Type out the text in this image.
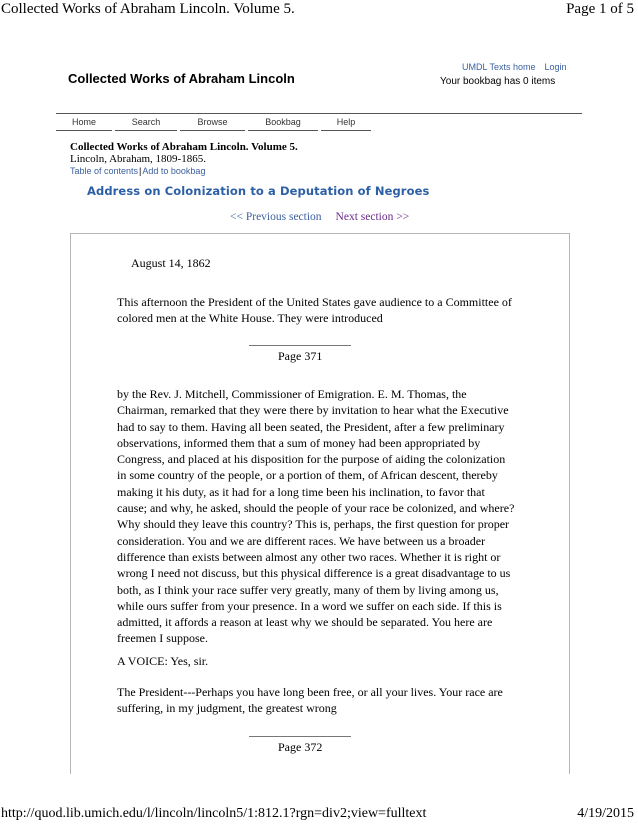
Collected Works of Abraham Lincoln. Volume 5.	Page 1 of 5
UMDL Texts home Login
Collected Works of Abraham Lincoln	Your bookbag has 0 items
Home	Search	Browse	Bookbag	Help
Collected Works of Abraham Lincoln. Volume 5.
Lincoln, Abraham, 1809-1865.
Table of contents|Add to bookbag
Address on Colonization to a Deputation of Negroes
<< Previous section Next section >>
August 14, 1862
This afternoon the President of the United States gave audience to a Committee of colored men at the White House. They were introduced
Page 371
by the Rev. J. Mitchell, Commissioner of Emigration. E. M. Thomas, the Chairman, remarked that they were there by invitation to hear what the Executive had to say to them. Having all been seated, the President, after a few preliminary observations, informed them that a sum of money had been appropriated by Congress, and placed at his disposition for the purpose of aiding the colonization in some country of the people, or a portion of them, of African descent, thereby making it his duty, as it had for a long time been his inclination, to favor that cause; and why, he asked, should the people of your race be colonized, and where? Why should they leave this country? This is, perhaps, the first question for proper consideration. You and we are different races. We have between us a broader difference than exists between almost any other two races. Whether it is right or wrong I need not discuss, but this physical difference is a great disadvantage to us both, as I think your race suffer very greatly, many of them by living among us, while ours suffer from your presence. In a word we suffer on each side. If this is admitted, it affords a reason at least why we should be separated. You here are freemen I suppose.
A VOICE: Yes, sir.
The President---Perhaps you have long been free, or all your lives. Your race are suffering, in my judgment, the greatest wrong
Page 372
http://quod.lib.umich.edu/l/lincoln/lincoln5/1:812.1?rgn=div2;view=fulltext	4/19/2015
